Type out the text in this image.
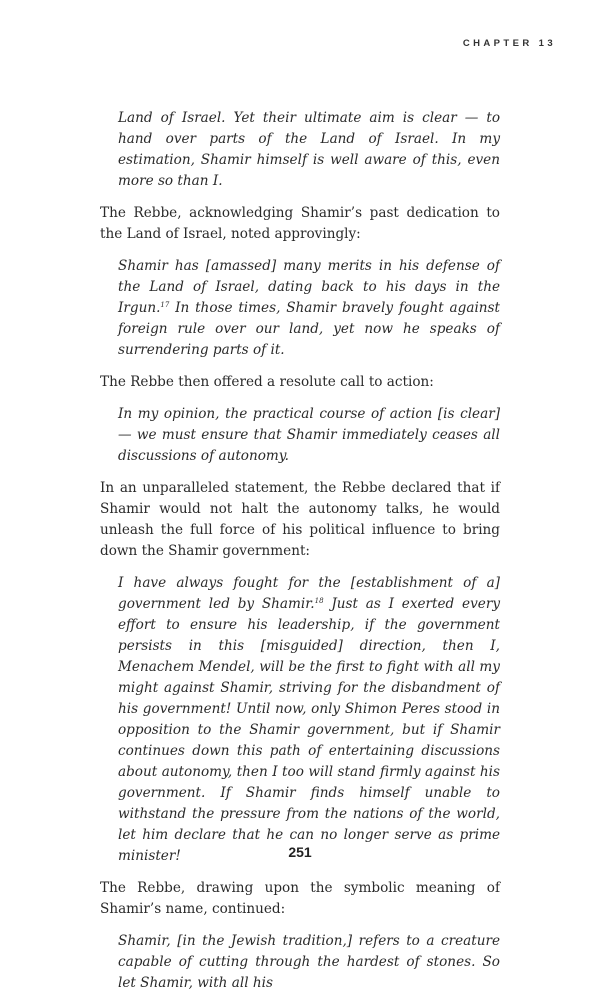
CHAPTER 13

Land of Israel. Yet their ultimate aim is clear — to hand over parts of the Land of Israel. In my estimation, Shamir himself is well aware of this, even more so than I.

The Rebbe, acknowledging Shamir’s past dedication to the Land of Israel, noted approvingly:

Shamir has [amassed] many merits in his defense of the Land of Israel, dating back to his days in the Irgun.$^{17}$ In those times, Shamir bravely fought against foreign rule over our land, yet now he speaks of surrendering parts of it.

The Rebbe then offered a resolute call to action:

In my opinion, the practical course of action [is clear] — we must ensure that Shamir immediately ceases all discussions of autonomy.

In an unparalleled statement, the Rebbe declared that if Shamir would not halt the autonomy talks, he would unleash the full force of his political influence to bring down the Shamir government:

I have always fought for the [establishment of a] government led by Shamir.$^{18}$ Just as I exerted every effort to ensure his leadership, if the government persists in this [misguided] direction, then I, Menachem Mendel, will be the first to fight with all my might against Shamir, striving for the disbandment of his government! Until now, only Shimon Peres stood in opposition to the Shamir government, but if Shamir continues down this path of entertaining discussions about autonomy, then I too will stand firmly against his government. If Shamir finds himself unable to withstand the pressure from the nations of the world, let him declare that he can no longer serve as prime minister!

The Rebbe, drawing upon the symbolic meaning of Shamir’s name, continued:

Shamir, [in the Jewish tradition,] refers to a creature capable of cutting through the hardest of stones. So let Shamir, with all his

251
